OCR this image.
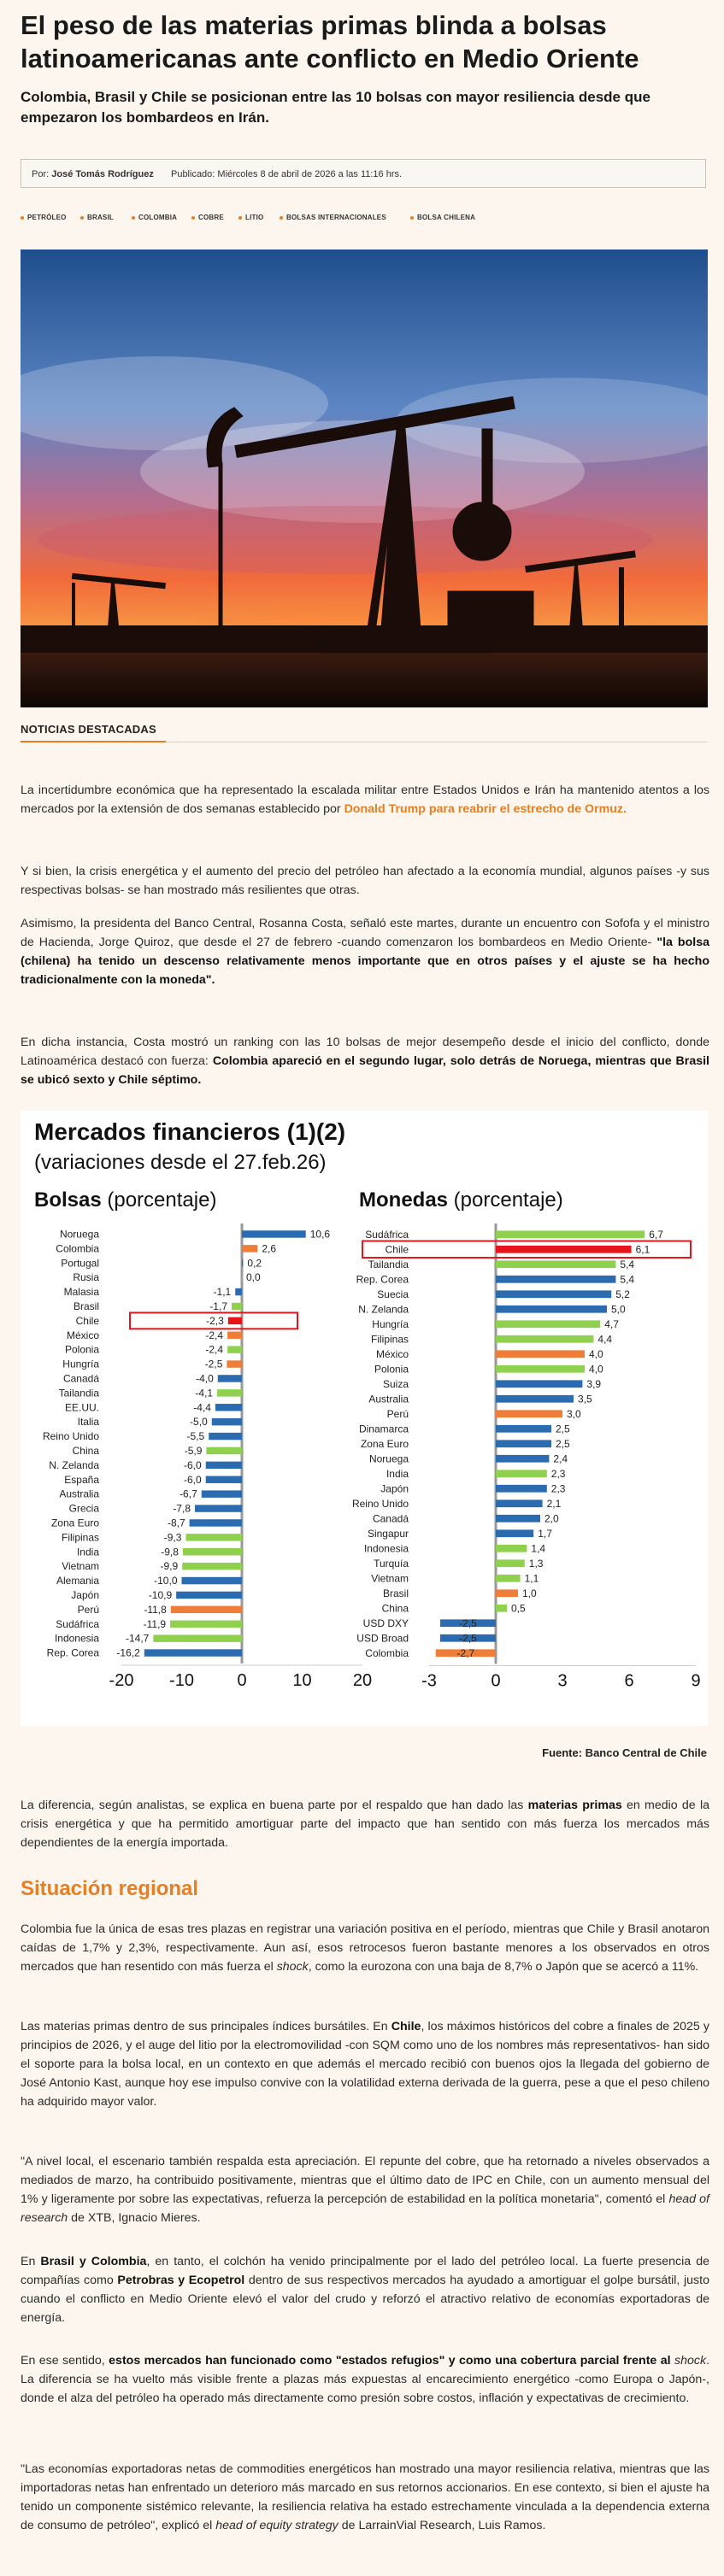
El peso de las materias primas blinda a bolsas latinoamericanas ante conflicto en Medio Oriente

Colombia, Brasil y Chile se posicionan entre las 10 bolsas con mayor resiliencia desde que empezaron los bombardeos en Irán.

Por: José Tomás Rodríguez Publicado: Miércoles 8 de abril de 2026 a las 11:16 hrs.
PETRÓLEO	BRASIL	COLOMBIA	COBRE	LITIO	BOLSAS INTERNACIONALES	BOLSA CHILENA
NOTICIAS DESTACADAS

La incertidumbre económica que ha representado la escalada militar entre Estados Unidos e Irán ha mantenido atentos a los mercados por la extensión de dos semanas establecido por Donald Trump para reabrir el estrecho de Ormuz.

Y si bien, la crisis energética y el aumento del precio del petróleo han afectado a la economía mundial, algunos países -y sus respectivas bolsas- se han mostrado más resilientes que otras.

Asimismo, la presidenta del Banco Central, Rosanna Costa, señaló este martes, durante un encuentro con Sofofa y el ministro de Hacienda, Jorge Quiroz, que desde el 27 de febrero -cuando comenzaron los bombardeos en Medio Oriente- "la bolsa (chilena) ha tenido un descenso relativamente menos importante que en otros países y el ajuste se ha hecho tradicionalmente con la moneda".

En dicha instancia, Costa mostró un ranking con las 10 bolsas de mejor desempeño desde el inicio del conflicto, donde Latinoamérica destacó con fuerza: Colombia apareció en el segundo lugar, solo detrás de Noruega, mientras que Brasil se ubicó sexto y Chile séptimo.

Mercados financieros (1)(2)
(variaciones desde el 27.feb.26)
Bolsas (porcentaje)
Noruega	10,6
Colombia	2,6
Portugal	0,2
Rusia	0,0
Malasia	-1,1
Brasil	-1,7
Chile	-2,3
México	-2,4
Polonia	-2,4
Hungría	-2,5
Canadá	-4,0
Tailandia	-4,1
EE.UU.	-4,4
Italia	-5,0
Reino Unido	-5,5
China	-5,9
N. Zelanda	-6,0
España	-6,0
Australia	-6,7
Grecia	-7,8
Zona Euro	-8,7
Filipinas	-9,3
India	-9,8
Vietnam	-9,9
Alemania	-10,0
Japón	-10,9
Perú	-11,8
Sudáfrica	-11,9
Indonesia	-14,7
Rep. Corea -16,2
-20 -10	0	10 20
Monedas (porcentaje)
Sudáfrica	6,7
Chile	6,1
Tailandia	5,4
Rep. Corea	5,4
Suecia	5,2
N. Zelanda	5,0
Hungría	4,7
Filipinas	4,4
México	4,0
Polonia	4,0
Suiza	3,9
Australia	3,5
Perú	3,0
Dinamarca	2,5
Zona Euro	2,5
Noruega	2,4
India	2,3
Japón	2,3
Reino Unido	2,1
Canadá	2,0
Singapur	1,7
Indonesia	1,4
Turquía	1,3
Vietnam	1,1
Brasil	1,0
China	0,5
USD DXY	-2,5
USD Broad	-2,5
Colombia	-2,7
-3	0	3	6	9
Fuente: Banco Central de Chile

La diferencia, según analistas, se explica en buena parte por el respaldo que han dado las materias primas en medio de la crisis energética y que ha permitido amortiguar parte del impacto que han sentido con más fuerza los mercados más dependientes de la energía importada.

Situación regional

Colombia fue la única de esas tres plazas en registrar una variación positiva en el período, mientras que Chile y Brasil anotaron caídas de 1,7% y 2,3%, respectivamente. Aun así, esos retrocesos fueron bastante menores a los observados en otros mercados que han resentido con más fuerza el shock, como la eurozona con una baja de 8,7% o Japón que se acercó a 11%.

Las materias primas dentro de sus principales índices bursátiles. En Chile, los máximos históricos del cobre a finales de 2025 y principios de 2026, y el auge del litio por la electromovilidad -con SQM como uno de los nombres más representativos- han sido el soporte para la bolsa local, en un contexto en que además el mercado recibió con buenos ojos la llegada del gobierno de José Antonio Kast, aunque hoy ese impulso convive con la volatilidad externa derivada de la guerra, pese a que el peso chileno ha adquirido mayor valor.

"A nivel local, el escenario también respalda esta apreciación. El repunte del cobre, que ha retornado a niveles observados a mediados de marzo, ha contribuido positivamente, mientras que el último dato de IPC en Chile, con un aumento mensual del 1% y ligeramente por sobre las expectativas, refuerza la percepción de estabilidad en la política monetaria", comentó el head of research de XTB, Ignacio Mieres.

En Brasil y Colombia, en tanto, el colchón ha venido principalmente por el lado del petróleo local. La fuerte presencia de compañías como Petrobras y Ecopetrol dentro de sus respectivos mercados ha ayudado a amortiguar el golpe bursátil, justo cuando el conflicto en Medio Oriente elevó el valor del crudo y reforzó el atractivo relativo de economías exportadoras de energía.

En ese sentido, estos mercados han funcionado como "estados refugios" y como una cobertura parcial frente al shock. La diferencia se ha vuelto más visible frente a plazas más expuestas al encarecimiento energético -como Europa o Japón-, donde el alza del petróleo ha operado más directamente como presión sobre costos, inflación y expectativas de crecimiento.

"Las economías exportadoras netas de commodities energéticos han mostrado una mayor resiliencia relativa, mientras que las importadoras netas han enfrentado un deterioro más marcado en sus retornos accionarios. En ese contexto, si bien el ajuste ha tenido un componente sistémico relevante, la resiliencia relativa ha estado estrechamente vinculada a la dependencia externa de consumo de petróleo", explicó el head of equity strategy de LarrainVial Research, Luis Ramos.
